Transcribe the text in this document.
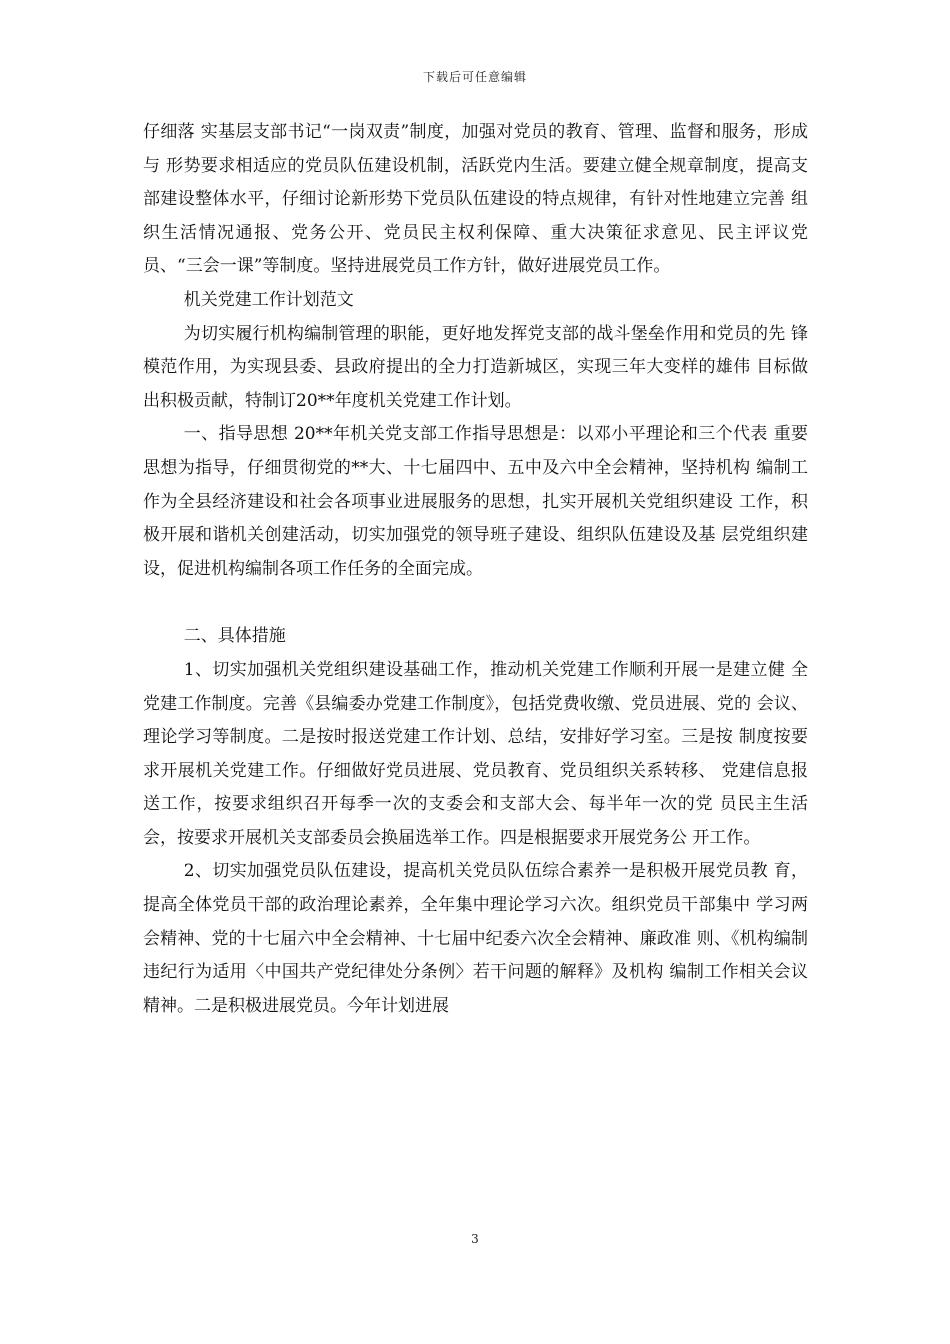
下载后可任意编辑

仔细落 实基层支部书记“一岗双责”制度，加强对党员的教育、管理、监督和服务，形成与 形势要求相适应的党员队伍建设机制，活跃党内生活。要建立健全规章制度，提高支 部建设整体水平，仔细讨论新形势下党员队伍建设的特点规律，有针对性地建立完善 组织生活情况通报、党务公开、党员民主权利保障、重大决策征求意见、民主评议党 员、“三会一课”等制度。坚持进展党员工作方针，做好进展党员工作。

机关党建工作计划范文

为切实履行机构编制管理的职能，更好地发挥党支部的战斗堡垒作用和党员的先 锋模范作用，为实现县委、县政府提出的全力打造新城区，实现三年大变样的雄伟 目标做出积极贡献，特制订20**年度机关党建工作计划。

一、指导思想 20**年机关党支部工作指导思想是：以邓小平理论和三个代表 重要思想为指导，仔细贯彻党的**大、十七届四中、五中及六中全会精神，坚持机构 编制工作为全县经济建设和社会各项事业进展服务的思想，扎实开展机关党组织建设 工作，积极开展和谐机关创建活动，切实加强党的领导班子建设、组织队伍建设及基 层党组织建设，促进机构编制各项工作任务的全面完成。

二、具体措施

1、切实加强机关党组织建设基础工作，推动机关党建工作顺利开展一是建立健 全党建工作制度。完善《县编委办党建工作制度》，包括党费收缴、党员进展、党的 会议、理论学习等制度。二是按时报送党建工作计划、总结，安排好学习室。三是按 制度按要求开展机关党建工作。仔细做好党员进展、党员教育、党员组织关系转移、 党建信息报送工作，按要求组织召开每季一次的支委会和支部大会、每半年一次的党 员民主生活会，按要求开展机关支部委员会换届选举工作。四是根据要求开展党务公 开工作。

2、切实加强党员队伍建设，提高机关党员队伍综合素养一是积极开展党员教 育，提高全体党员干部的政治理论素养，全年集中理论学习六次。组织党员干部集中 学习两会精神、党的十七届六中全会精神、十七届中纪委六次全会精神、廉政准 则、《机构编制违纪行为适用〈中国共产党纪律处分条例〉若干问题的解释》及机构 编制工作相关会议精神。二是积极进展党员。今年计划进展

3
